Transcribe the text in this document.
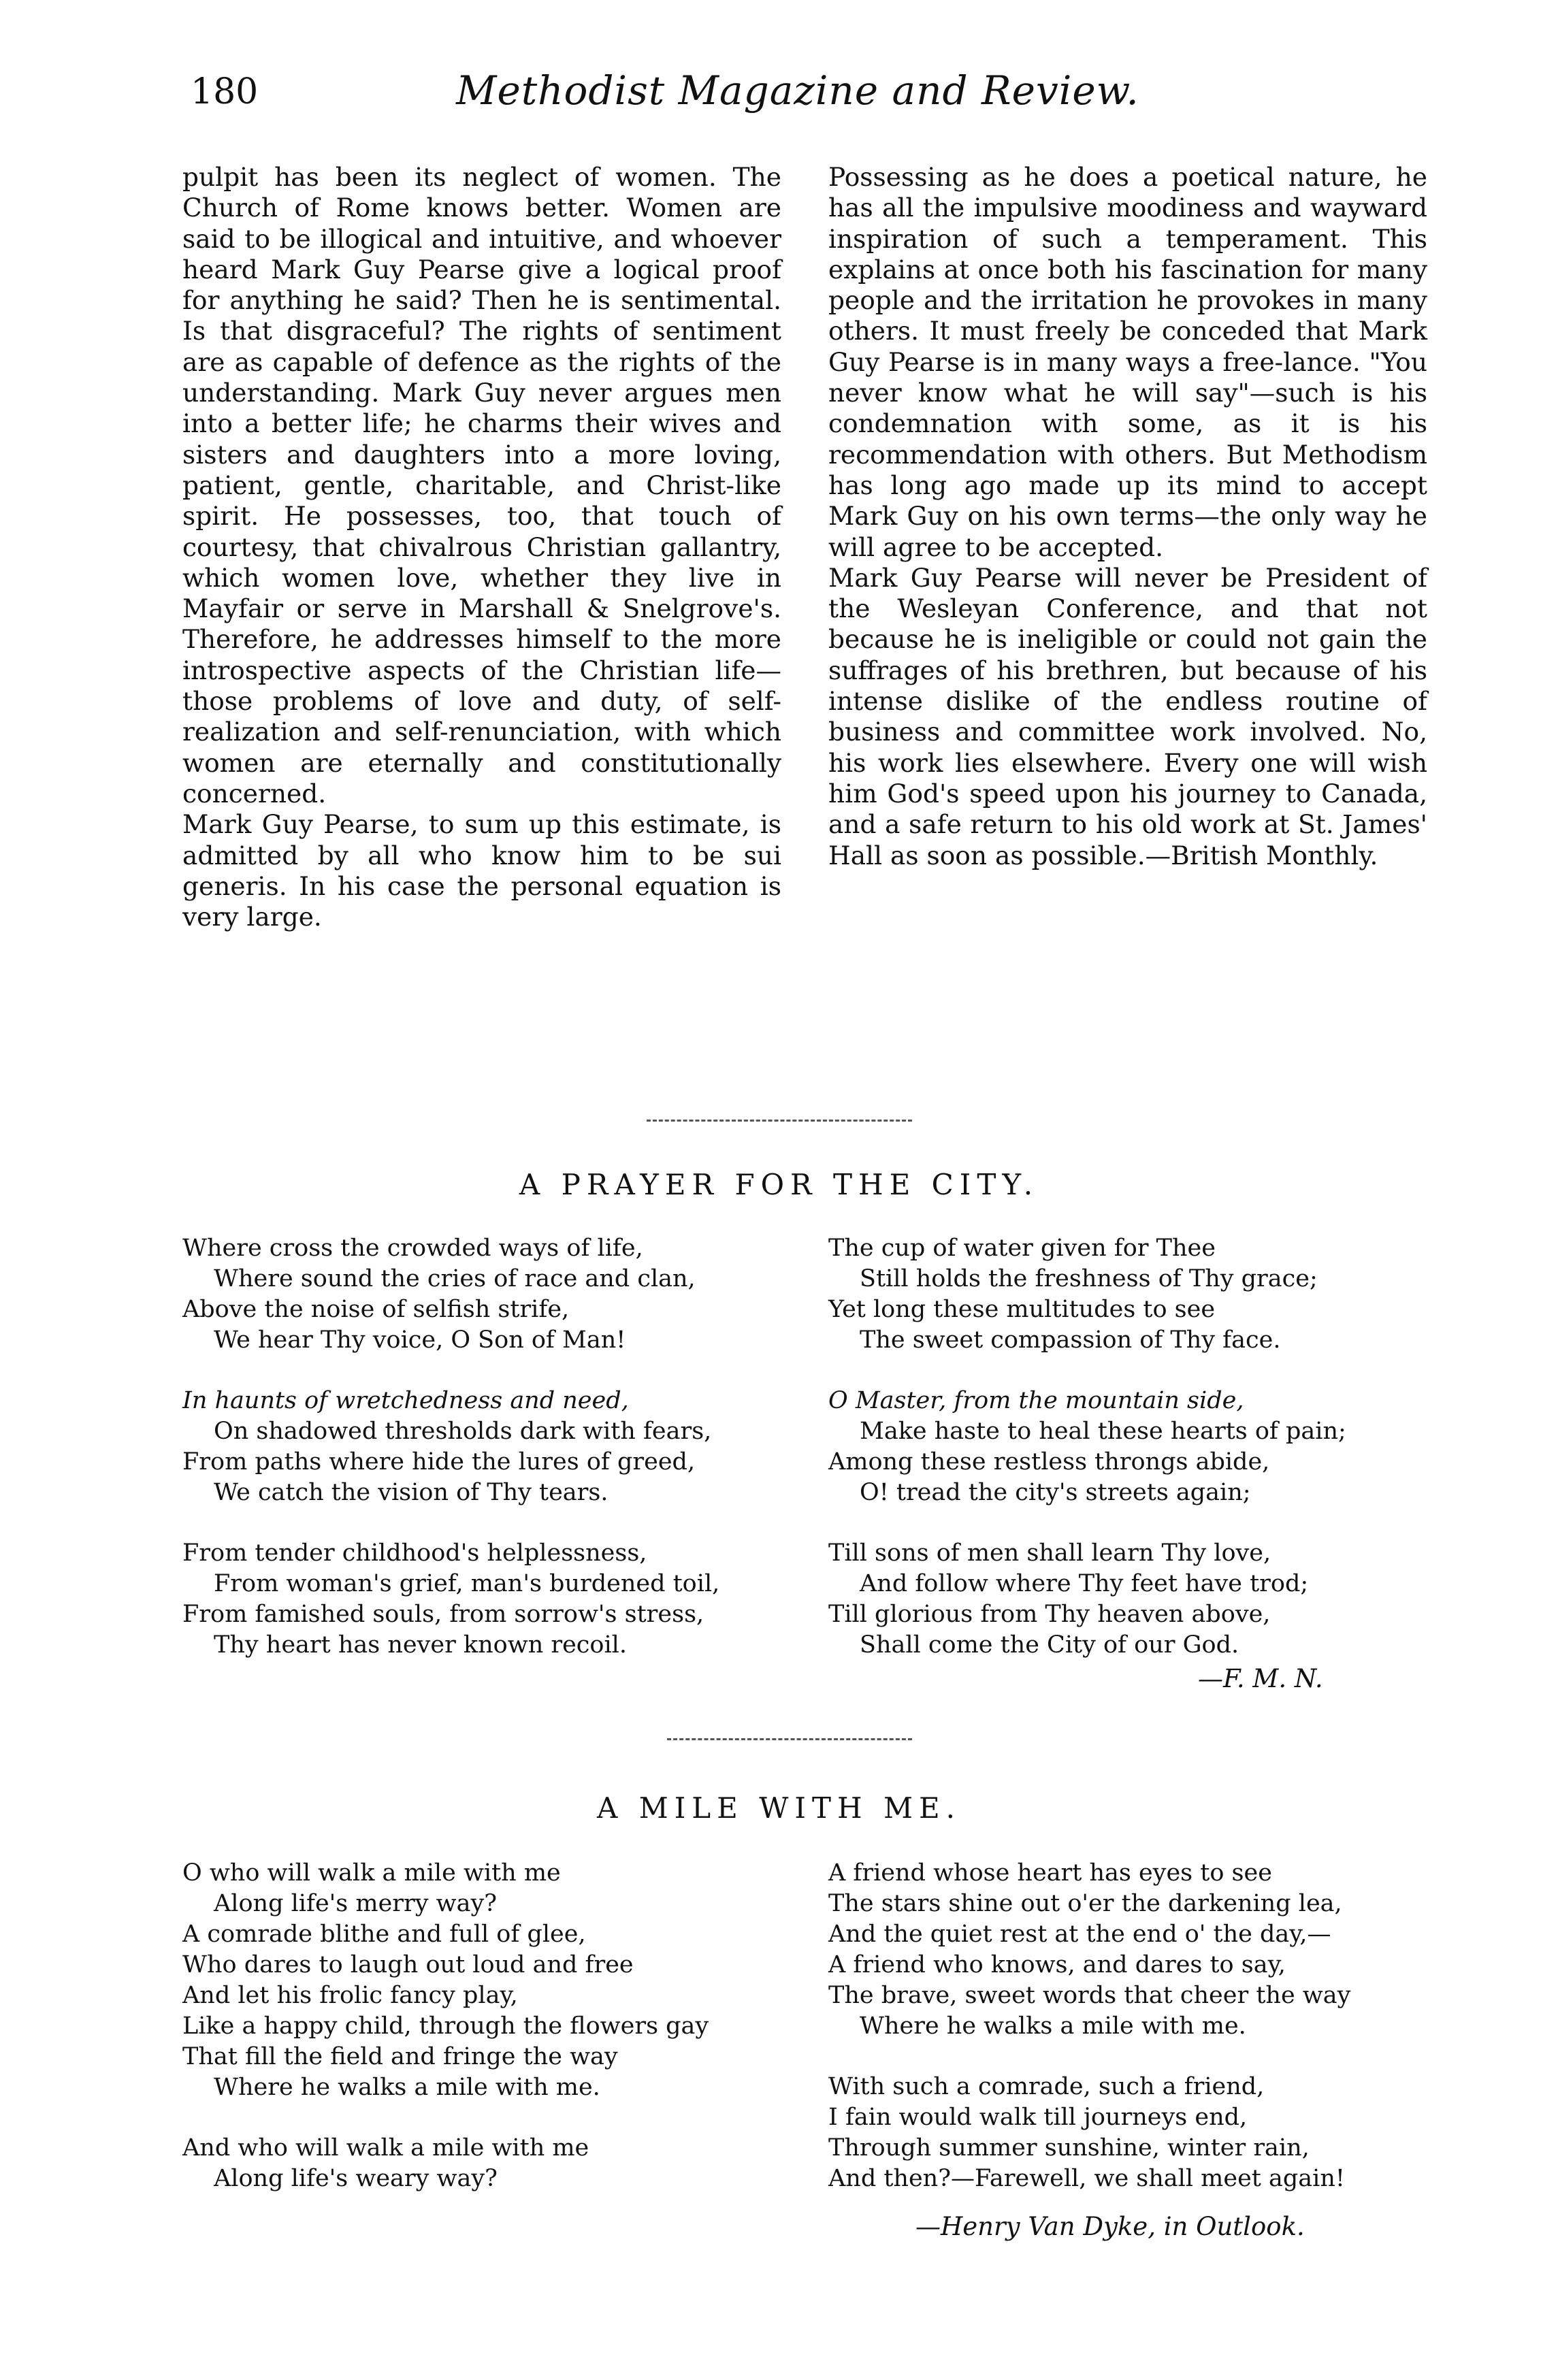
180	Methodist Magazine and Review.

pulpit has been its neglect of women. The Church of Rome knows better. Women are said to be illogical and intuitive, and whoever heard Mark Guy Pearse give a logical proof for anything he said? Then he is sentimental. Is that disgraceful? The rights of sentiment are as capable of defence as the rights of the understanding. Mark Guy never argues men into a better life; he charms their wives and sisters and daughters into a more loving, patient, gentle, charitable, and Christ-like spirit. He possesses, too, that touch of courtesy, that chivalrous Christian gallantry, which women love, whether they live in Mayfair or serve in Marshall & Snelgrove's. Therefore, he addresses himself to the more introspective aspects of the Christian life—those problems of love and duty, of self-realization and self-renunciation, with which women are eternally and constitutionally concerned.

Mark Guy Pearse, to sum up this estimate, is admitted by all who know him to be sui generis. In his case the personal equation is very large.

Possessing as he does a poetical nature, he has all the impulsive moodiness and wayward inspiration of such a temperament. This explains at once both his fascination for many people and the irritation he provokes in many others. It must freely be conceded that Mark Guy Pearse is in many ways a free-lance. "You never know what he will say"—such is his condemnation with some, as it is his recommendation with others. But Methodism has long ago made up its mind to accept Mark Guy on his own terms—the only way he will agree to be accepted.

Mark Guy Pearse will never be President of the Wesleyan Conference, and that not because he is ineligible or could not gain the suffrages of his brethren, but because of his intense dislike of the endless routine of business and committee work involved. No, his work lies elsewhere. Every one will wish him God's speed upon his journey to Canada, and a safe return to his old work at St. James' Hall as soon as possible.—British Monthly.

A PRAYER FOR THE CITY.
Where cross the crowded ways of life,
Where sound the cries of race and clan,
Above the noise of selfish strife,
We hear Thy voice, O Son of Man!
In haunts of wretchedness and need,
On shadowed thresholds dark with fears,
From paths where hide the lures of greed,
We catch the vision of Thy tears.
From tender childhood's helplessness,
From woman's grief, man's burdened toil,
From famished souls, from sorrow's stress,
Thy heart has never known recoil.
The cup of water given for Thee
Still holds the freshness of Thy grace;
Yet long these multitudes to see
The sweet compassion of Thy face.
O Master, from the mountain side,
Make haste to heal these hearts of pain;
Among these restless throngs abide,
O! tread the city's streets again;
Till sons of men shall learn Thy love,
And follow where Thy feet have trod;
Till glorious from Thy heaven above,
Shall come the City of our God.
—F. M. N.
A MILE WITH ME.
O who will walk a mile with me
Along life's merry way?
A comrade blithe and full of glee,
Who dares to laugh out loud and free
And let his frolic fancy play,
Like a happy child, through the flowers gay
That fill the field and fringe the way
Where he walks a mile with me.
And who will walk a mile with me
Along life's weary way?
A friend whose heart has eyes to see
The stars shine out o'er the darkening lea,
And the quiet rest at the end o' the day,—
A friend who knows, and dares to say,
The brave, sweet words that cheer the way
Where he walks a mile with me.
With such a comrade, such a friend,
I fain would walk till journeys end,
Through summer sunshine, winter rain,
And then?—Farewell, we shall meet again!
—Henry Van Dyke, in Outlook.
